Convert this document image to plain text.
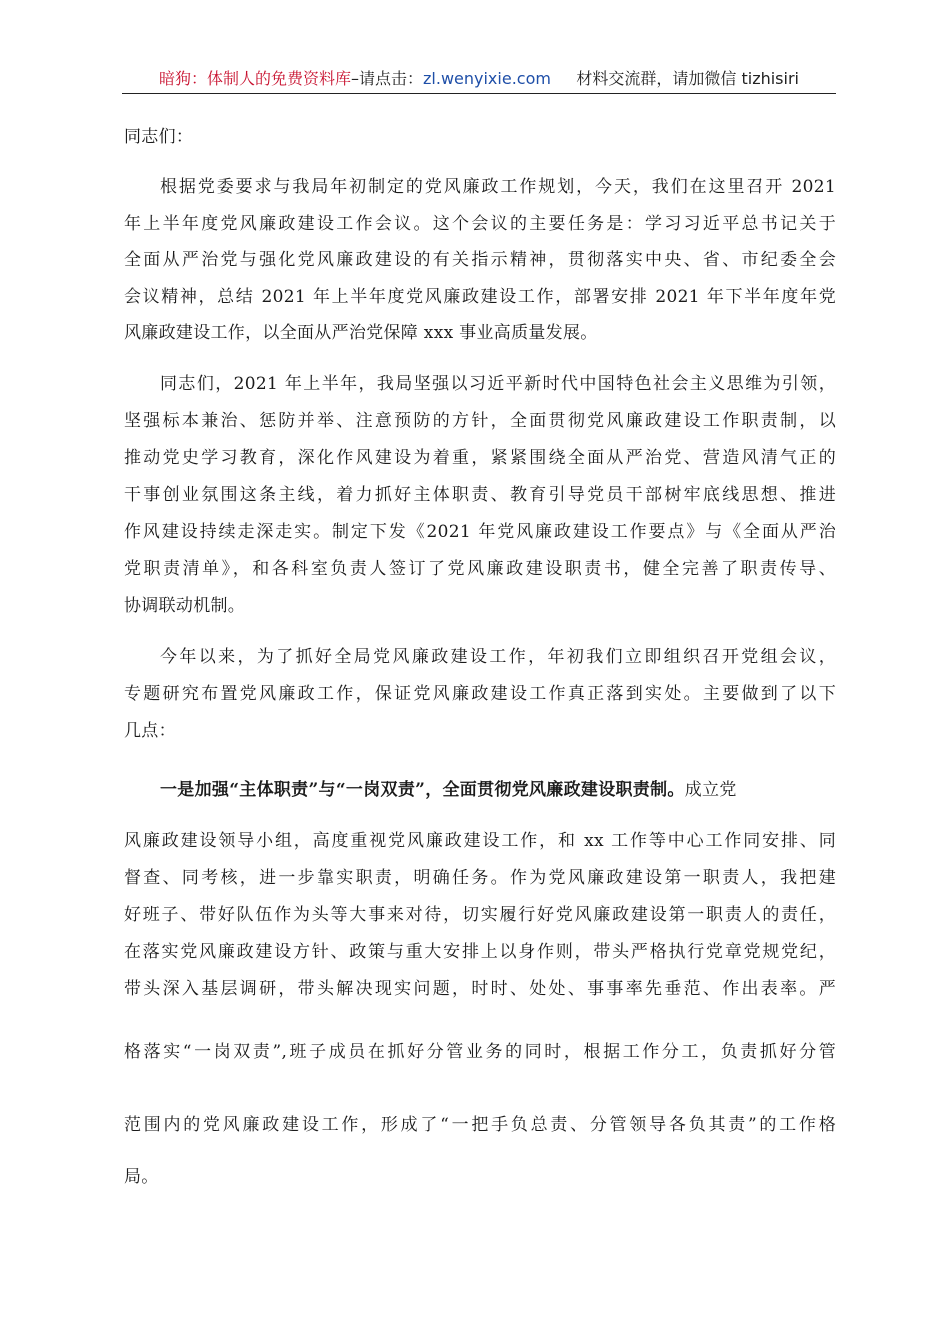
暗狗：体制人的免费资料库–请点击：zl.wenyixie.com 材料交流群，请加微信 tizhisiri
同志们：
根据党委要求与我局年初制定的党风廉政工作规划，今天，我们在这里召开 2021
年上半年度党风廉政建设工作会议。这个会议的主要任务是：学习习近平总书记关于
全面从严治党与强化党风廉政建设的有关指示精神，贯彻落实中央、省、市纪委全会
会议精神，总结 2021 年上半年度党风廉政建设工作，部署安排 2021 年下半年度年党
风廉政建设工作，以全面从严治党保障 xxx 事业高质量发展。
同志们，2021 年上半年，我局坚强以习近平新时代中国特色社会主义思维为引领，
坚强标本兼治、惩防并举、注意预防的方针，全面贯彻党风廉政建设工作职责制，以
推动党史学习教育，深化作风建设为着重，紧紧围绕全面从严治党、营造风清气正的
干事创业氛围这条主线，着力抓好主体职责、教育引导党员干部树牢底线思想、推进
作风建设持续走深走实。制定下发《2021 年党风廉政建设工作要点》与《全面从严治
党职责清单》，和各科室负责人签订了党风廉政建设职责书，健全完善了职责传导、
协调联动机制。
今年以来，为了抓好全局党风廉政建设工作，年初我们立即组织召开党组会议，
专题研究布置党风廉政工作，保证党风廉政建设工作真正落到实处。主要做到了以下
几点：
一是加强“主体职责”与“一岗双责”，全面贯彻党风廉政建设职责制。成立党
风廉政建设领导小组，高度重视党风廉政建设工作，和 xx 工作等中心工作同安排、同
督查、同考核，进一步靠实职责，明确任务。作为党风廉政建设第一职责人，我把建
好班子、带好队伍作为头等大事来对待，切实履行好党风廉政建设第一职责人的责任，
在落实党风廉政建设方针、政策与重大安排上以身作则，带头严格执行党章党规党纪，
带头深入基层调研，带头解决现实问题，时时、处处、事事率先垂范、作出表率。严
格落实“一岗双责”,班子成员在抓好分管业务的同时，根据工作分工，负责抓好分管
范围内的党风廉政建设工作，形成了“一把手负总责、分管领导各负其责”的工作格
局。
